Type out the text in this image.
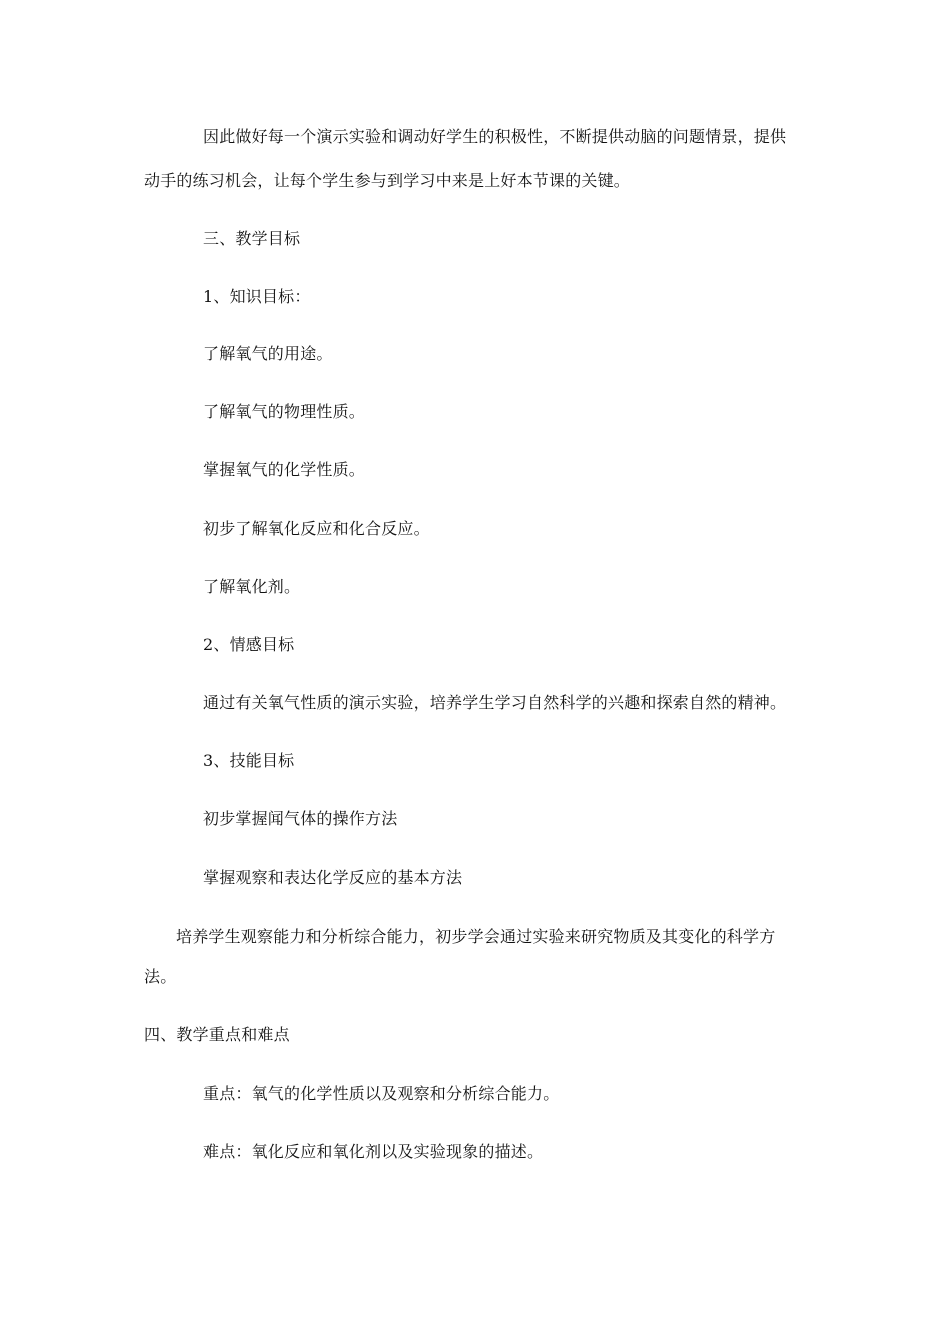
因此做好每一个演示实验和调动好学生的积极性，不断提供动脑的问题情景，提供
动手的练习机会，让每个学生参与到学习中来是上好本节课的关键。
三、教学目标
1、知识目标：
了解氧气的用途。
了解氧气的物理性质。
掌握氧气的化学性质。
初步了解氧化反应和化合反应。
了解氧化剂。
2、情感目标
通过有关氧气性质的演示实验，培养学生学习自然科学的兴趣和探索自然的精神。
3、技能目标
初步掌握闻气体的操作方法
掌握观察和表达化学反应的基本方法
培养学生观察能力和分析综合能力，初步学会通过实验来研究物质及其变化的科学方
法。
四、教学重点和难点
重点：氧气的化学性质以及观察和分析综合能力。
难点：氧化反应和氧化剂以及实验现象的描述。
